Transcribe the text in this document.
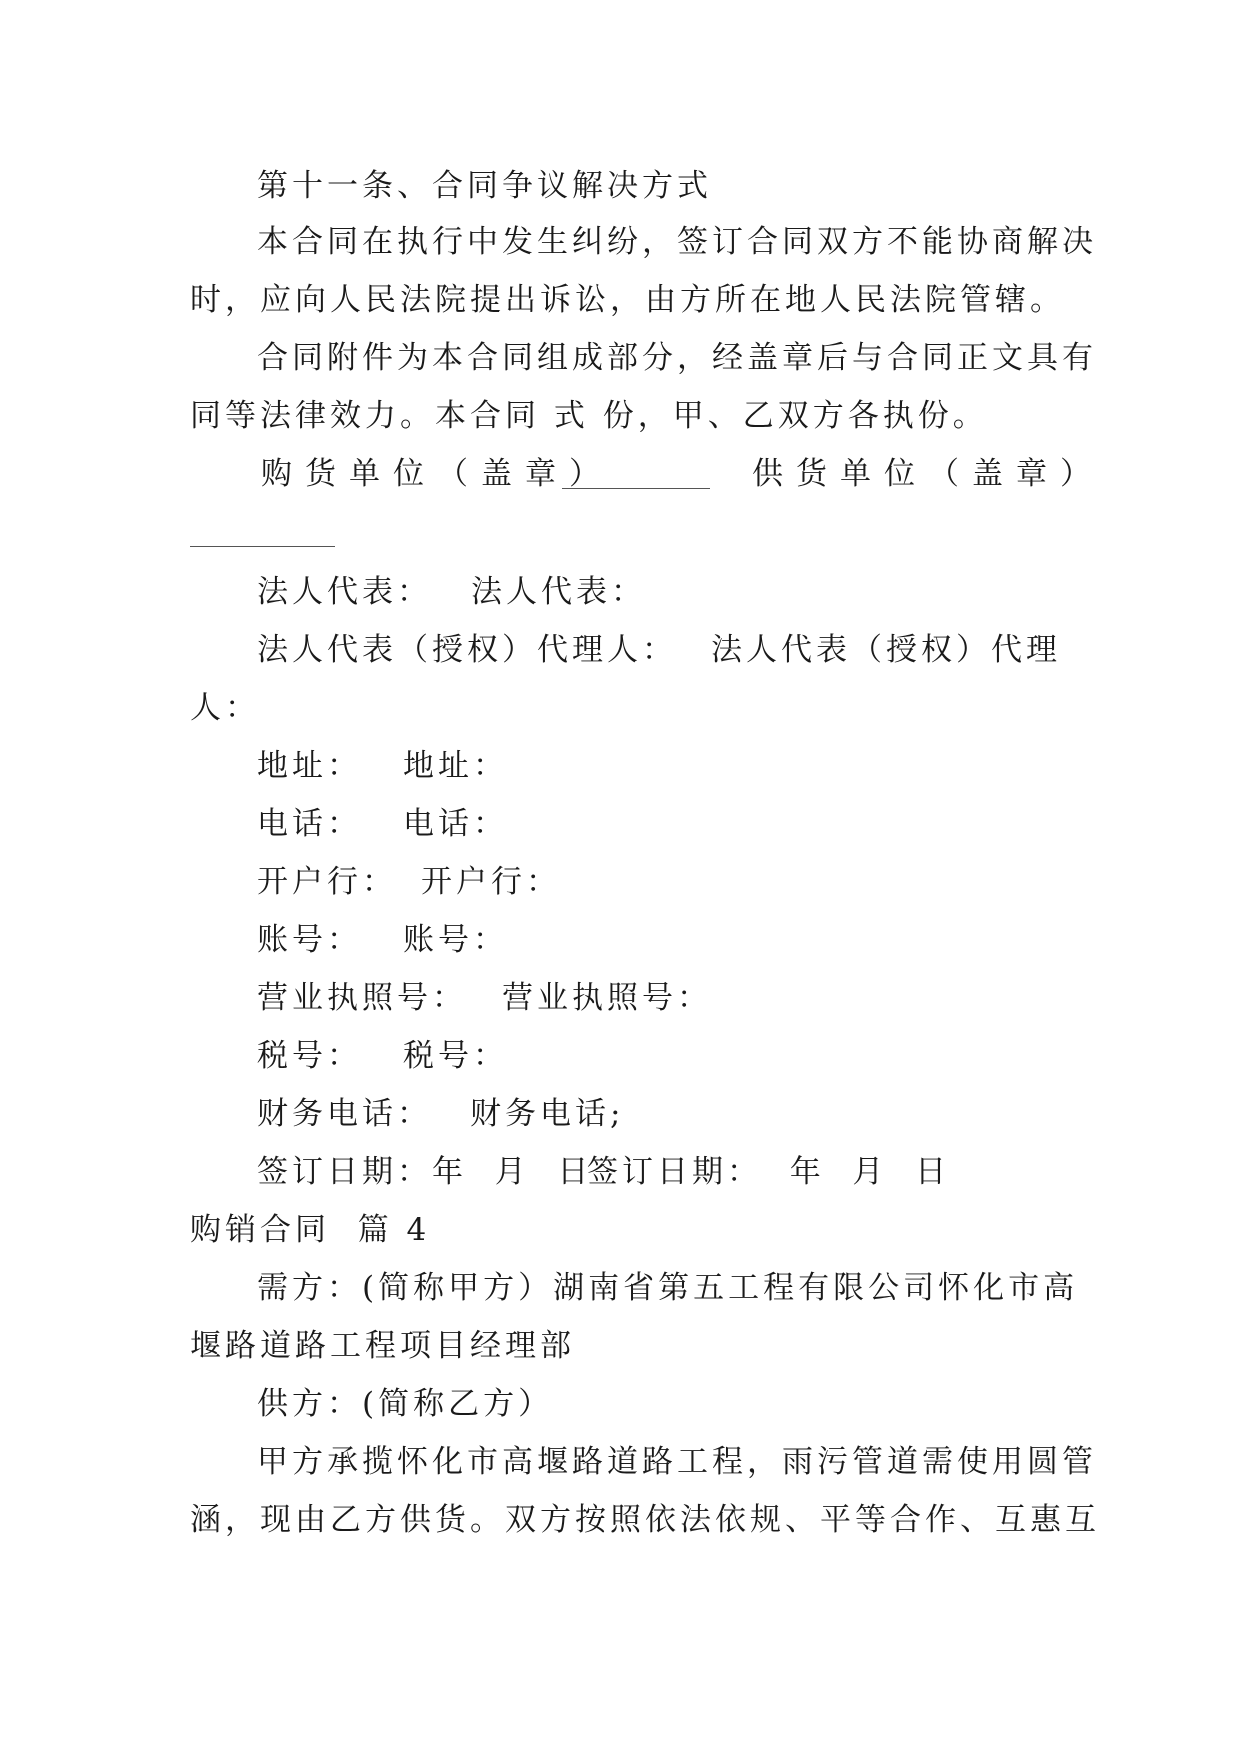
第十一条、合同争议解决方式
本合同在执行中发生纠纷，签订合同双方不能协商解决
时，应向人民法院提出诉讼，由方所在地人民法院管辖。
合同附件为本合同组成部分，经盖章后与合同正文具有
同等法律效力。本合同 式 份，甲、乙双方各执份。
购货单位（盖章）	供货单位（盖章）
法人代表： 法人代表：
法人代表（授权）代理人： 法人代表（授权）代理
人：
地址： 地址：
电话： 电话：
开户行： 开户行：
账号： 账号：
营业执照号： 营业执照号：
税号： 税号：
财务电话： 财务电话;
签订日期：年  月  日
签订日期：  年  月  日
购销合同  篇 4
需方：(简称甲方）湖南省第五工程有限公司怀化市高
堰路道路工程项目经理部
供方：(简称乙方）
甲方承揽怀化市高堰路道路工程，雨污管道需使用圆管
涵，现由乙方供货。双方按照依法依规、平等合作、互惠互
